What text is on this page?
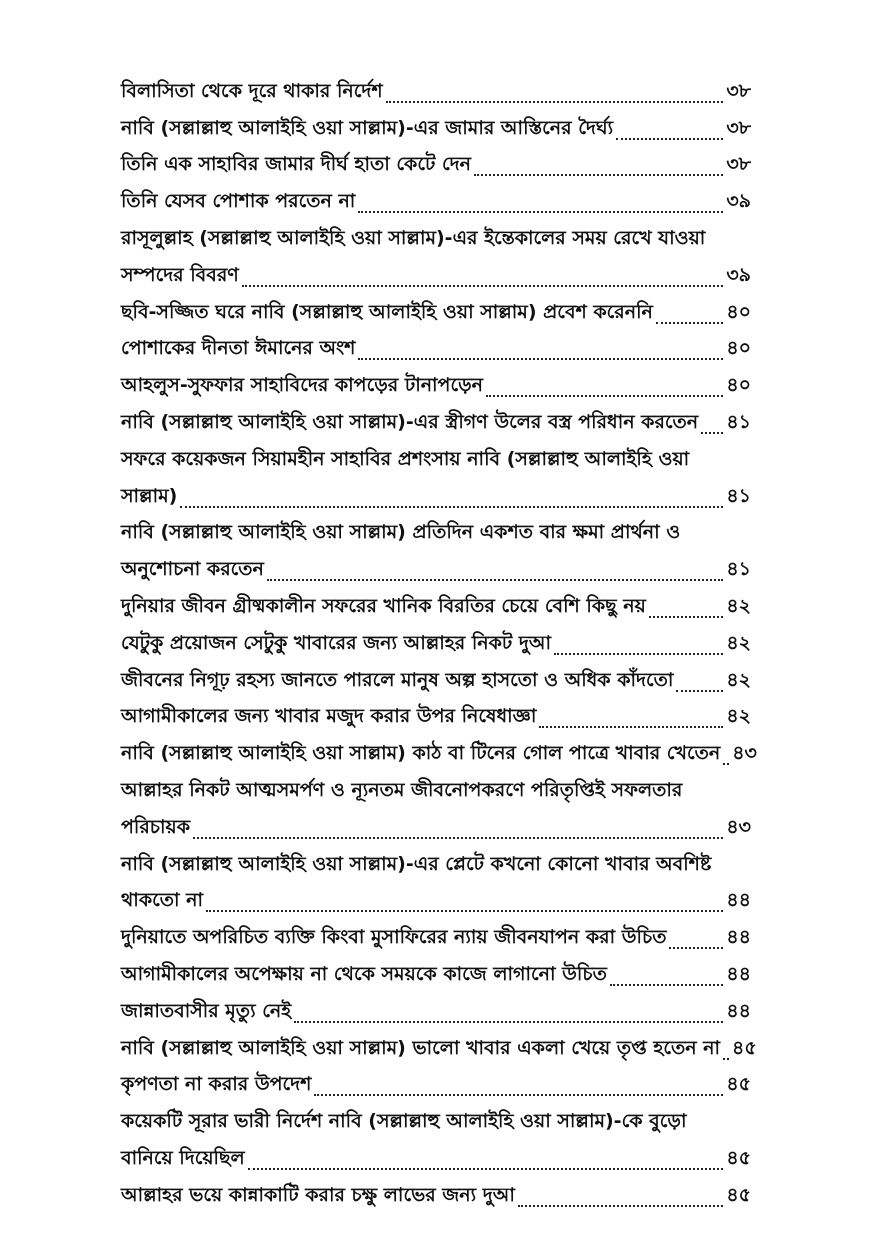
বিলাসিতা থেকে দূরে থাকার নির্দেশ	৩৮
নাবি (সল্লাল্লাহু আলাইহি ওয়া সাল্লাম)-এর জামার আস্তিনের দৈর্ঘ্য	৩৮
তিনি এক সাহাবির জামার দীর্ঘ হাতা কেটে দেন	৩৮
তিনি যেসব পোশাক পরতেন না	৩৯
রাসূলুল্লাহ (সল্লাল্লাহু আলাইহি ওয়া সাল্লাম)-এর ইন্তেকালের সময় রেখে যাওয়া
সম্পদের বিবরণ	৩৯
ছবি-সজ্জিত ঘরে নাবি (সল্লাল্লাহু আলাইহি ওয়া সাল্লাম) প্রবেশ করেননি	৪০
পোশাকের দীনতা ঈমানের অংশ	৪০
আহলুস-সুফফার সাহাবিদের কাপড়ের টানাপড়েন	৪০
নাবি (সল্লাল্লাহু আলাইহি ওয়া সাল্লাম)-এর স্ত্রীগণ উলের বস্ত্র পরিধান করতেন ৪১
সফরে কয়েকজন সিয়ামহীন সাহাবির প্রশংসায় নাবি (সল্লাল্লাহু আলাইহি ওয়া
সাল্লাম)	৪১
নাবি (সল্লাল্লাহু আলাইহি ওয়া সাল্লাম) প্রতিদিন একশত বার ক্ষমা প্রার্থনা ও
অনুশোচনা করতেন	৪১
দুনিয়ার জীবন গ্রীষ্মকালীন সফরের খানিক বিরতির চেয়ে বেশি কিছু নয়	৪২
যেটুকু প্রয়োজন সেটুকু খাবারের জন্য আল্লাহর নিকট দুআ	৪২
জীবনের নিগূঢ় রহস্য জানতে পারলে মানুষ অল্প হাসতো ও অধিক কাঁদতো	৪২
আগামীকালের জন্য খাবার মজুদ করার উপর নিষেধাজ্ঞা	৪২
নাবি (সল্লাল্লাহু আলাইহি ওয়া সাল্লাম) কাঠ বা টিনের গোল পাত্রে খাবার খেতেন ৪৩
আল্লাহর নিকট আত্মসমর্পণ ও ন্যূনতম জীবনোপকরণে পরিতৃপ্তিই সফলতার
পরিচায়ক	৪৩
নাবি (সল্লাল্লাহু আলাইহি ওয়া সাল্লাম)-এর প্লেটে কখনো কোনো খাবার অবশিষ্ট
থাকতো না	৪৪
দুনিয়াতে অপরিচিত ব্যক্তি কিংবা মুসাফিরের ন্যায় জীবনযাপন করা উচিত	৪৪
আগামীকালের অপেক্ষায় না থেকে সময়কে কাজে লাগানো উচিত	৪৪
জান্নাতবাসীর মৃত্যু নেই	৪৪
নাবি (সল্লাল্লাহু আলাইহি ওয়া সাল্লাম) ভালো খাবার একলা খেয়ে তৃপ্ত হতেন না ৪৫
কৃপণতা না করার উপদেশ	৪৫
কয়েকটি সূরার ভারী নির্দেশ নাবি (সল্লাল্লাহু আলাইহি ওয়া সাল্লাম)-কে বুড়ো
বানিয়ে দিয়েছিল	৪৫
আল্লাহর ভয়ে কান্নাকাটি করার চক্ষু লাভের জন্য দুআ	৪৫
